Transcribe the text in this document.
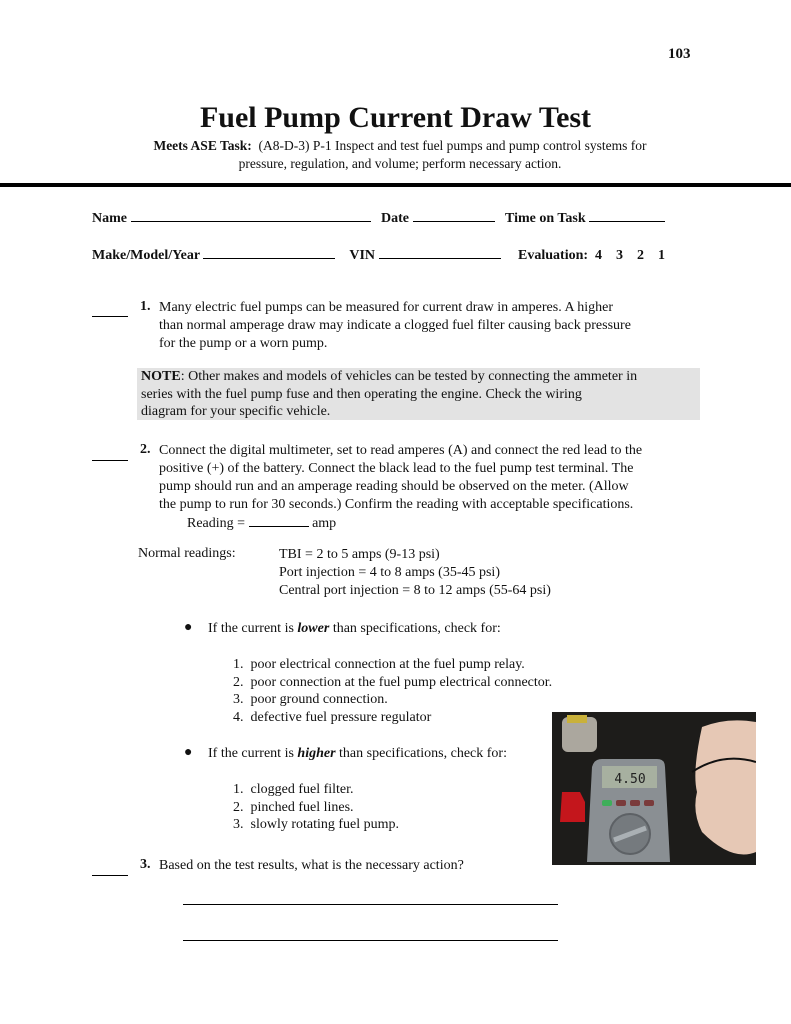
103
Fuel Pump Current Draw Test
Meets ASE Task: (A8-D-3) P-1 Inspect and test fuel pumps and pump control systems for
pressure, regulation, and volume; perform necessary action.
Name	Date	Time on Task
Make/Model/Year	VIN	Evaluation: 4 3 2 1
1. Many electric fuel pumps can be measured for current draw in amperes. A higher
than normal amperage draw may indicate a clogged fuel filter causing back pressure
for the pump or a worn pump.
NOTE: Other makes and models of vehicles can be tested by connecting the ammeter in
series with the fuel pump fuse and then operating the engine. Check the wiring
diagram for your specific vehicle.
2. Connect the digital multimeter, set to read amperes (A) and connect the red lead to the
positive (+) of the battery. Connect the black lead to the fuel pump test terminal. The
pump should run and an amperage reading should be observed on the meter. (Allow
the pump to run for 30 seconds.) Confirm the reading with acceptable specifications.
Reading =	amp
Normal readings:	TBI = 2 to 5 amps (9-13 psi)
Port injection = 4 to 8 amps (35-45 psi)
Central port injection = 8 to 12 amps (55-64 psi)
● If the current is lower than specifications, check for:
1.  poor electrical connection at the fuel pump relay.
2.  poor connection at the fuel pump electrical connector.
3.  poor ground connection.
4.  defective fuel pressure regulator
● If the current is higher than specifications, check for:
1.  clogged fuel filter.
2.  pinched fuel lines.
3.  slowly rotating fuel pump.
4.50
3. Based on the test results, what is the necessary action?
